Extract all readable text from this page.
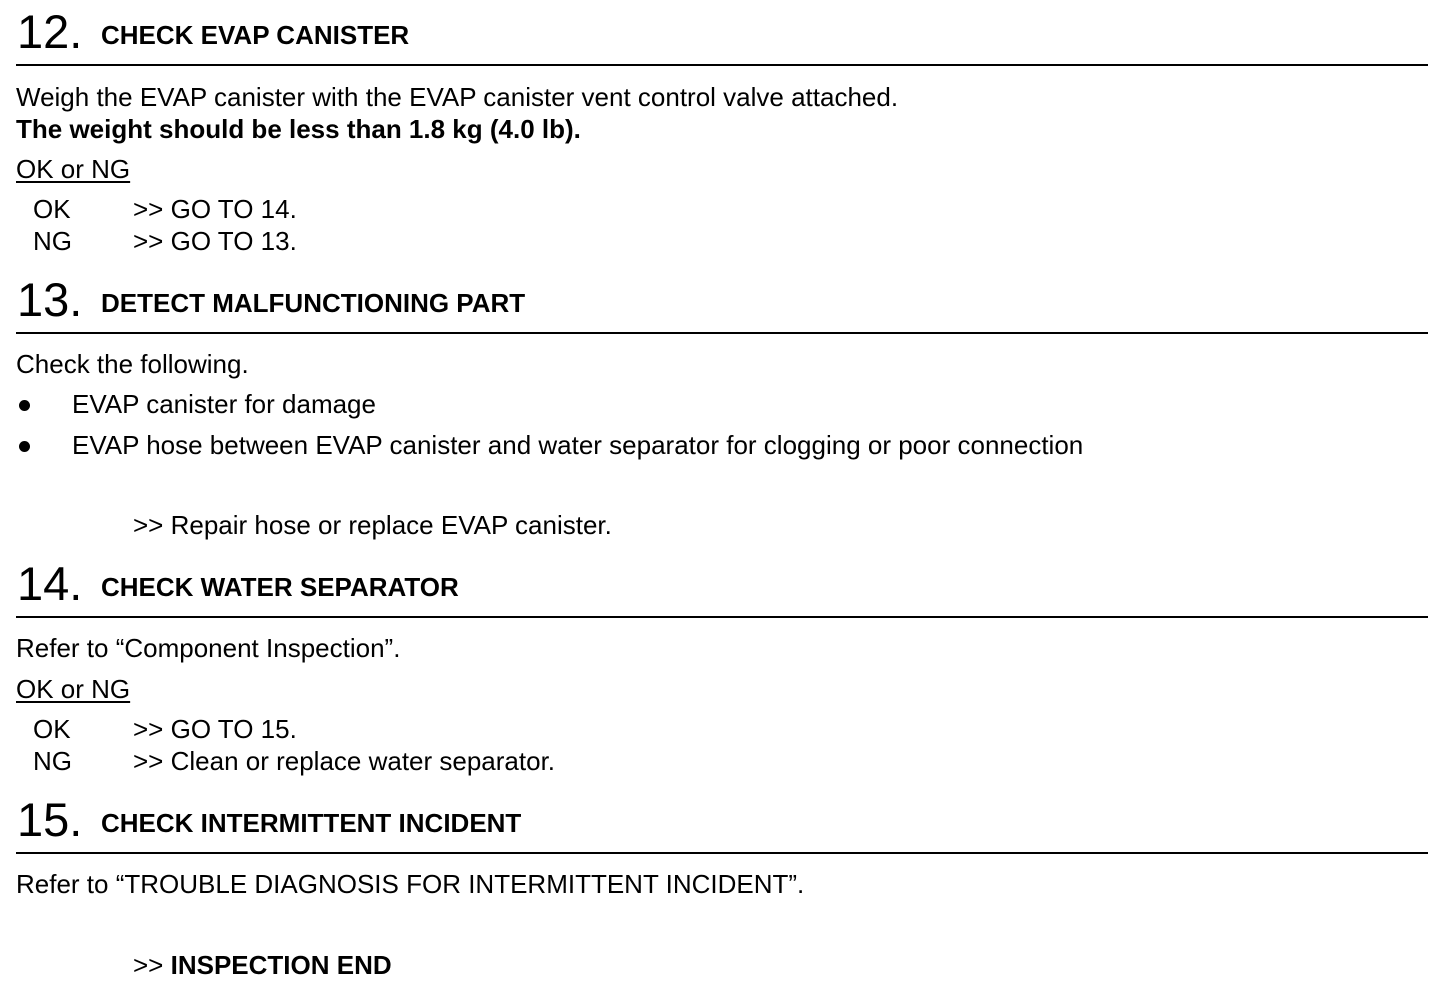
12. CHECK EVAP CANISTER
Weigh the EVAP canister with the EVAP canister vent control valve attached.
The weight should be less than 1.8 kg (4.0 lb).
OK or NG
OK >> GO TO 14.
NG >> GO TO 13.
13. DETECT MALFUNCTIONING PART
Check the following.
EVAP canister for damage
EVAP hose between EVAP canister and water separator for clogging or poor connection
>> Repair hose or replace EVAP canister.
14. CHECK WATER SEPARATOR
Refer to “Component Inspection”.
OK or NG
OK >> GO TO 15.
NG >> Clean or replace water separator.
15. CHECK INTERMITTENT INCIDENT
Refer to “TROUBLE DIAGNOSIS FOR INTERMITTENT INCIDENT”.
>> INSPECTION END
